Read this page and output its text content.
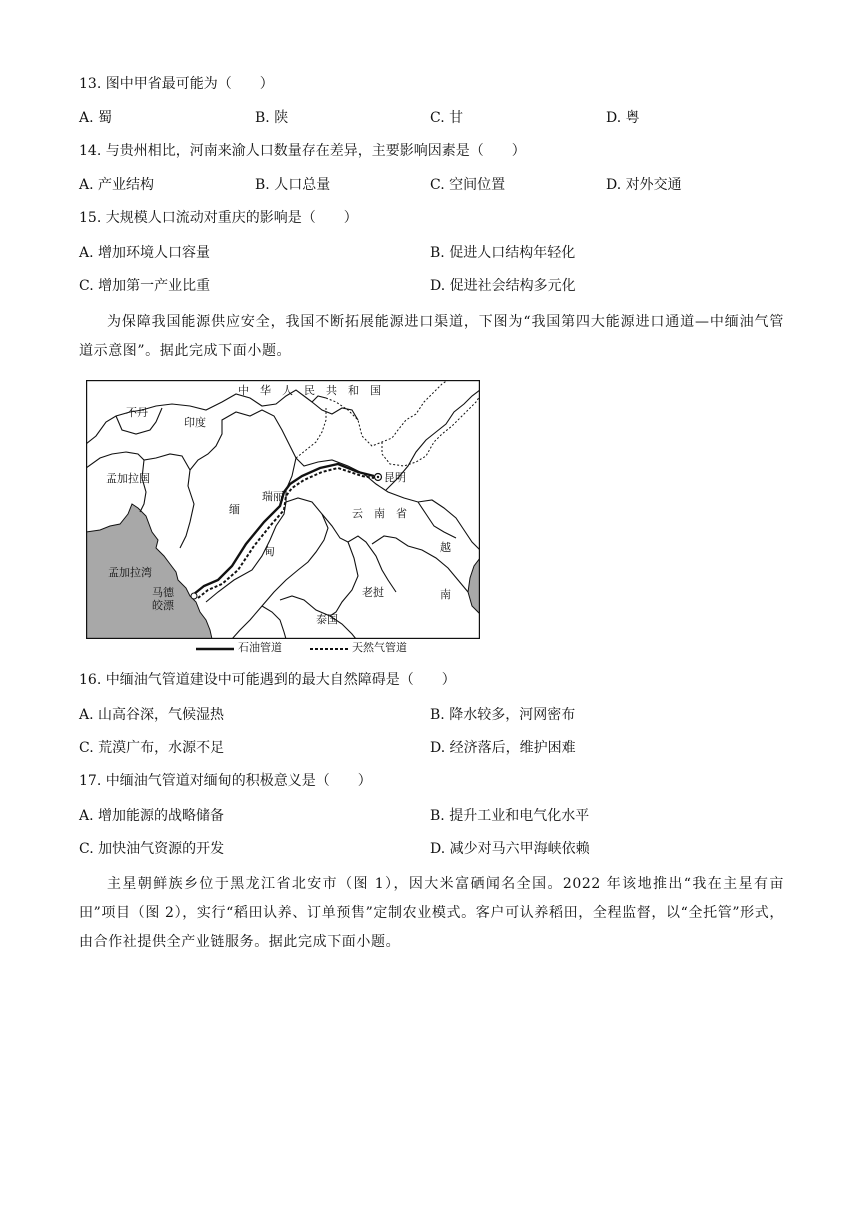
13. 图中甲省最可能为（　　）
A. 蜀	B. 陕	C. 甘	D. 粤
14. 与贵州相比，河南来渝人口数量存在差异，主要影响因素是（　　）
A. 产业结构	B. 人口总量	C. 空间位置	D. 对外交通
15. 大规模人口流动对重庆的影响是（　　）
A. 增加环境人口容量	B. 促进人口结构年轻化
C. 增加第一产业比重	D. 促进社会结构多元化
为保障我国能源供应安全，我国不断拓展能源进口渠道，下图为“我国第四大能源进口通道—中缅油气管道示意图”。据此完成下面小题。
中　华　人　民　共　和　国
不丹
印度
孟加拉国
缅
甸
瑞丽
昆明
云　南　省
越
南
老挝
泰国
孟加拉湾
马德
皎漂
石油管道	天然气管道
16. 中缅油气管道建设中可能遇到的最大自然障碍是（　　）
A. 山高谷深，气候湿热	B. 降水较多，河网密布
C. 荒漠广布，水源不足	D. 经济落后，维护困难
17. 中缅油气管道对缅甸的积极意义是（　　）
A. 增加能源的战略储备	B. 提升工业和电气化水平
C. 加快油气资源的开发	D. 减少对马六甲海峡依赖
主星朝鲜族乡位于黑龙江省北安市（图 1），因大米富硒闻名全国。2022 年该地推出“我在主星有亩田”项目（图 2），实行“稻田认养、订单预售”定制农业模式。客户可认养稻田，全程监督，以“全托管”形式，由合作社提供全产业链服务。据此完成下面小题。
